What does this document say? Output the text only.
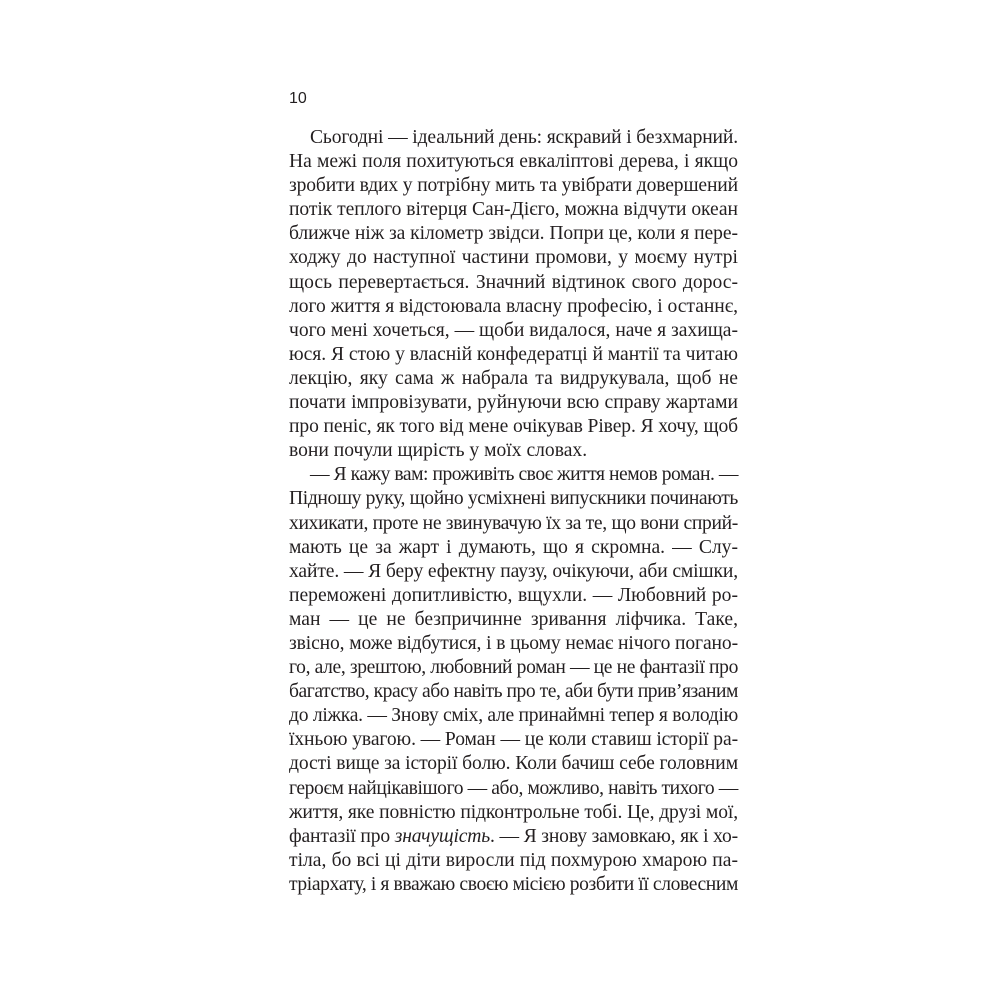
10
Сьогодні — ідеальний день: яскравий і безхмарний.
На межі поля похитуються евкаліптові дерева, і якщо
зробити вдих у потрібну мить та увібрати довершений
потік теплого вітерця Сан-Дієго, можна відчути океан
ближче ніж за кілометр звідси. Попри це, коли я пере-
ходжу до наступної частини промови, у моєму нутрі
щось перевертається. Значний відтинок свого дорос-
лого життя я відстоювала власну професію, і останнє,
чого мені хочеться, — щоби видалося, наче я захища-
юся. Я стою у власній конфедератці й мантії та читаю
лекцію, яку сама ж набрала та видрукувала, щоб не
почати імпровізувати, руйнуючи всю справу жартами
про пеніс, як того від мене очікував Рівер. Я хочу, щоб
вони почули щирість у моїх словах.
— Я кажу вам: проживіть своє життя немов роман. —
Підношу руку, щойно усміхнені випускники починають
хихикати, проте не звинувачую їх за те, що вони сприй-
мають це за жарт і думають, що я скромна. — Слу-
хайте. — Я беру ефектну паузу, очікуючи, аби смішки,
переможені допитливістю, вщухли. — Любовний ро-
ман — це не безпричинне зривання ліфчика. Таке,
звісно, може відбутися, і в цьому немає нічого погано-
го, але, зрештою, любовний роман — це не фантазії про
багатство, красу або навіть про те, аби бути прив’язаним
до ліжка. — Знову сміх, але принаймні тепер я володію
їхньою увагою. — Роман — це коли ставиш історії ра-
дості вище за історії болю. Коли бачиш себе головним
героєм найцікавішого — або, можливо, навіть тихого —
життя, яке повністю підконтрольне тобі. Це, друзі мої,
фантазії про значущість. — Я знову замовкаю, як і хо-
тіла, бо всі ці діти виросли під похмурою хмарою па-
тріархату, і я вважаю своєю місією розбити її словесним
